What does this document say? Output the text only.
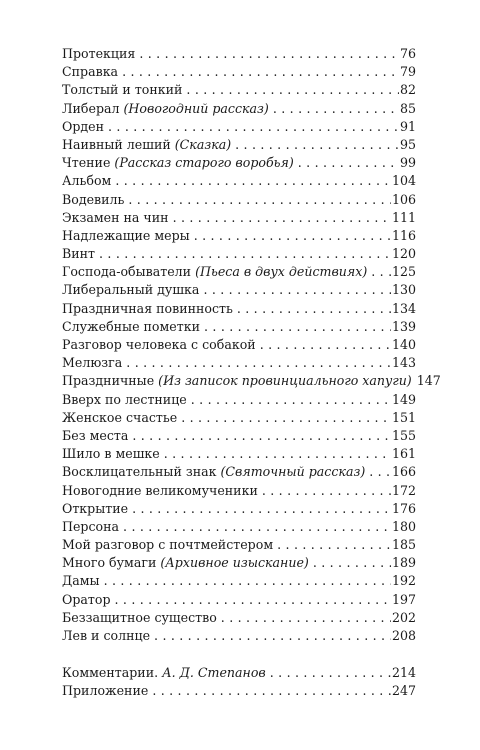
Протекция . . .	76
Справка . . .	79
Толстый и тонкий . . .	82
Либерал (Новогодний рассказ) . . .	85
Орден . . .	91
Наивный леший (Сказка) . . .	95
Чтение (Рассказ старого воробья) . . .	99
Альбом . . .	104
Водевиль . . .	106
Экзамен на чин . . .	111
Надлежащие меры . . .	116
Винт . . .	120
Господа-обыватели (Пьеса в двух действиях) . . .	125
Либеральный душка . . .	130
Праздничная повинность . . .	134
Служебные пометки . . .	139
Разговор человека с собакой . . .	140
Мелюзга . . .	143
Праздничные (Из записок провинциального хапуги) 147
Вверх по лестнице . . .	149
Женское счастье . . .	151
Без места . . .	155
Шило в мешке . . .	161
Восклицательный знак (Святочный рассказ) . . .	166
Новогодние великомученики . . .	172
Открытие . . .	176
Персона . . .	180
Мой разговор с почтмейстером . . .	185
Много бумаги (Архивное изыскание) . . .	189
Дамы . . .	192
Оратор . . .	197
Беззащитное существо . . .	202
Лев и солнце . . .	208
Комментарии. А. Д. Степанов . . .	214
Приложение . . .	247
